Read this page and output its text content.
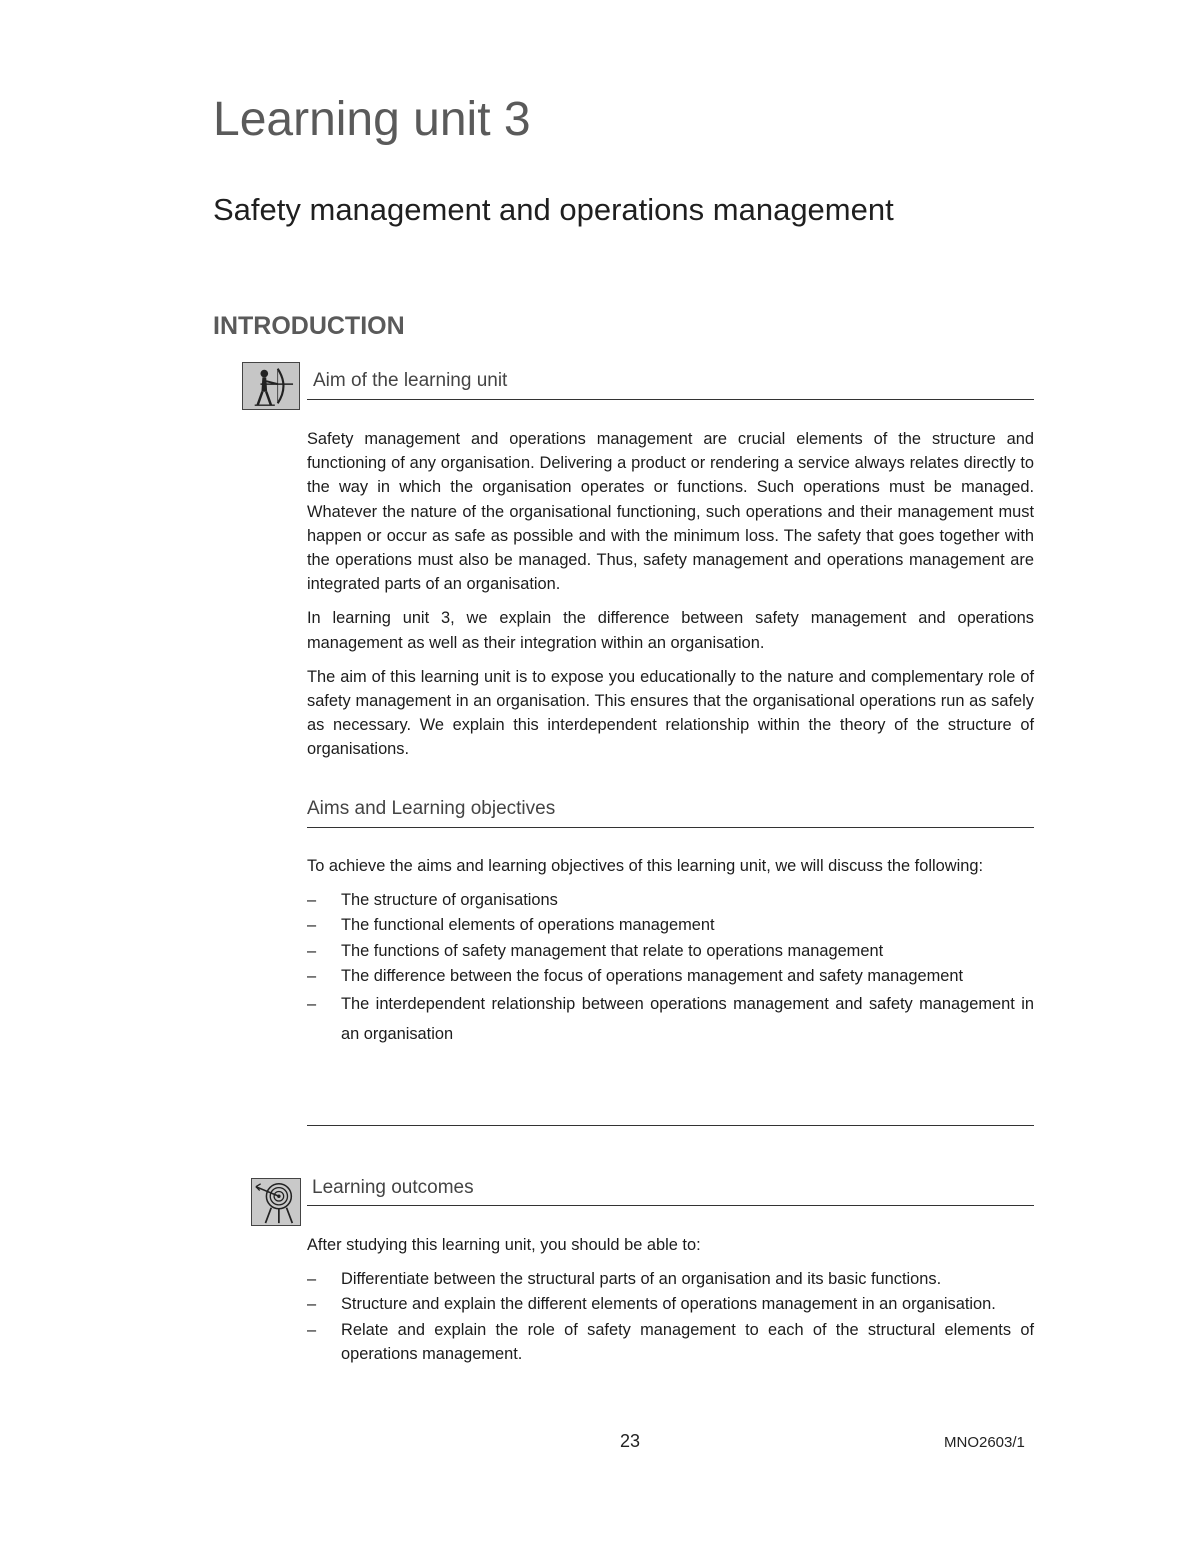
Learning unit 3
Safety management and operations management
INTRODUCTION
Aim of the learning unit

Safety management and operations management are crucial elements of the structure and functioning of any organisation. Delivering a product or rendering a service always relates directly to the way in which the organisation operates or functions. Such operations must be managed. Whatever the nature of the organisational functioning, such operations and their management must happen or occur as safe as possible and with the minimum loss. The safety that goes together with the operations must also be managed. Thus, safety management and operations management are integrated parts of an organisation.

In learning unit 3, we explain the difference between safety management and operations management as well as their integration within an organisation.

The aim of this learning unit is to expose you educationally to the nature and complementary role of safety management in an organisation. This ensures that the organisational operations run as safely as necessary. We explain this interdependent relationship within the theory of the structure of organisations.

Aims and Learning objectives

To achieve the aims and learning objectives of this learning unit, we will discuss the following:

– The structure of organisations
– The functional elements of operations management
– The functions of safety management that relate to operations management
– The difference between the focus of operations management and safety management
– The interdependent relationship between operations management and safety management in an organisation
Learning outcomes

After studying this learning unit, you should be able to:

– Differentiate between the structural parts of an organisation and its basic functions.
– Structure and explain the different elements of operations management in an organisation.
– Relate and explain the role of safety management to each of the structural elements of operations management.
23	MNO2603/1
